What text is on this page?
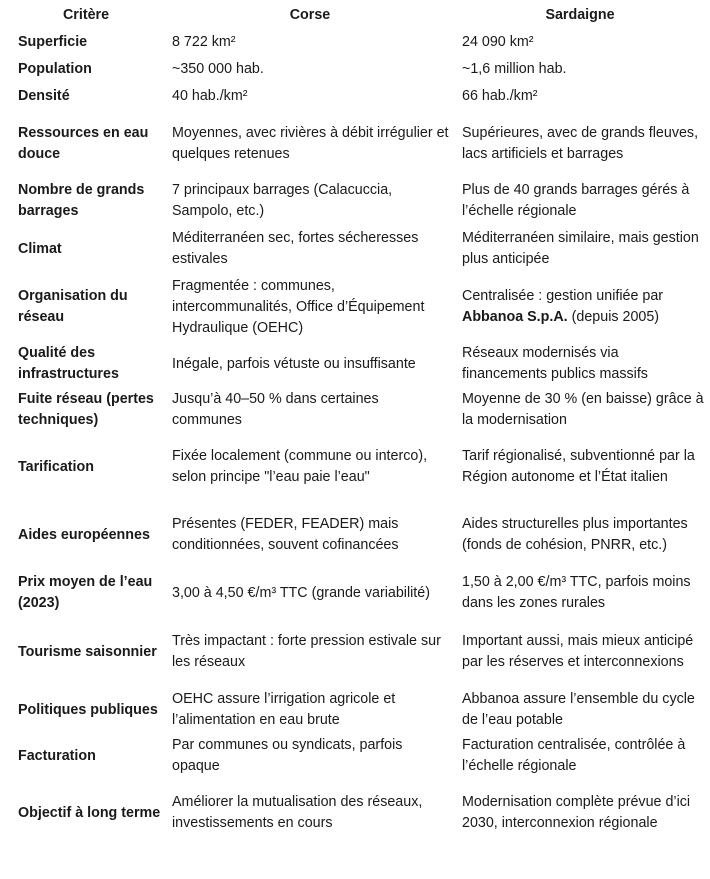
Critère	Corse	Sardaigne
Superficie	8 722 km²	24 090 km²
Population	~350 000 hab.	~1,6 million hab.
Densité	40 hab./km²	66 hab./km²
Ressources en eau douce	Moyennes, avec rivières à débit irrégulier et quelques retenues	Supérieures, avec de grands fleuves, lacs artificiels et barrages
Nombre de grands barrages	7 principaux barrages (Calacuccia, Sampolo, etc.)	Plus de 40 grands barrages gérés à l’échelle régionale
Climat	Méditerranéen sec, fortes sécheresses estivales	Méditerranéen similaire, mais gestion plus anticipée
Organisation du réseau	Fragmentée : communes, intercommunalités, Office d’Équipement Hydraulique (OEHC)	Centralisée : gestion unifiée par Abbanoa S.p.A. (depuis 2005)
Qualité des infrastructures	Inégale, parfois vétuste ou insuffisante	Réseaux modernisés via financements publics massifs
Fuite réseau (pertes techniques)	Jusqu’à 40–50 % dans certaines communes	Moyenne de 30 % (en baisse) grâce à la modernisation
Tarification	Fixée localement (commune ou interco), selon principe "l’eau paie l’eau"	Tarif régionalisé, subventionné par la Région autonome et l’État italien
Aides européennes	Présentes (FEDER, FEADER) mais conditionnées, souvent cofinancées	Aides structurelles plus importantes (fonds de cohésion, PNRR, etc.)
Prix moyen de l’eau (2023)	3,00 à 4,50 €/m³ TTC (grande variabilité)	1,50 à 2,00 €/m³ TTC, parfois moins dans les zones rurales
Tourisme saisonnier	Très impactant : forte pression estivale sur les réseaux	Important aussi, mais mieux anticipé par les réserves et interconnexions
Politiques publiques	OEHC assure l’irrigation agricole et l’alimentation en eau brute	Abbanoa assure l’ensemble du cycle de l’eau potable
Facturation	Par communes ou syndicats, parfois opaque	Facturation centralisée, contrôlée à l’échelle régionale
Objectif à long terme	Améliorer la mutualisation des réseaux, investissements en cours	Modernisation complète prévue d’ici 2030, interconnexion régionale
